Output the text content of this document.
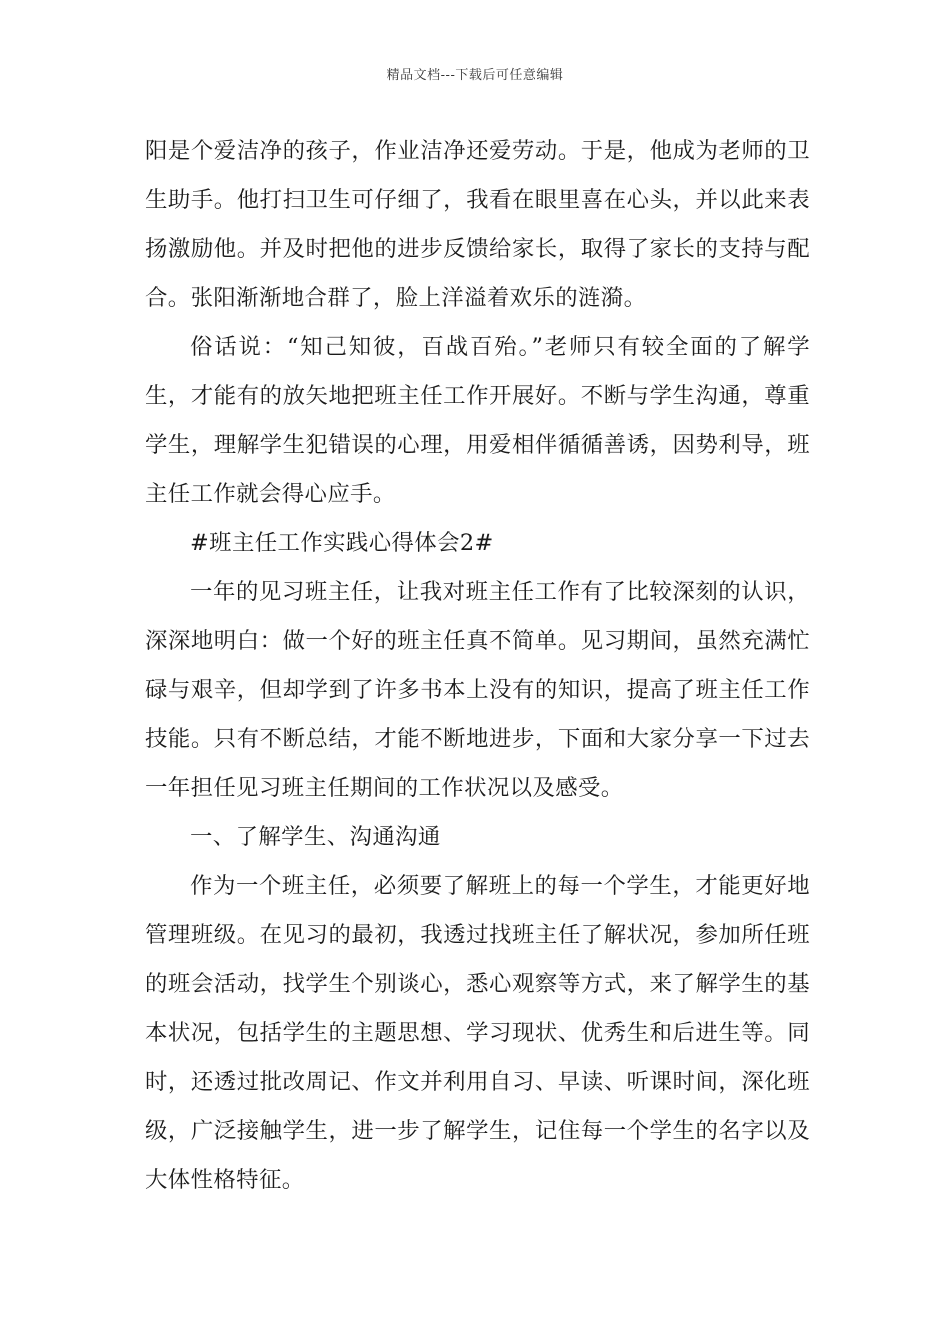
精品文档---下载后可任意编辑

阳是个爱洁净的孩子，作业洁净还爱劳动。于是，他成为老师的卫生助手。他打扫卫生可仔细了，我看在眼里喜在心头，并以此来表扬激励他。并及时把他的进步反馈给家长，取得了家长的支持与配合。张阳渐渐地合群了，脸上洋溢着欢乐的涟漪。

俗话说：“知己知彼，百战百殆。”老师只有较全面的了解学生，才能有的放矢地把班主任工作开展好。不断与学生沟通，尊重学生，理解学生犯错误的心理，用爱相伴循循善诱，因势利导，班主任工作就会得心应手。

#班主任工作实践心得体会2#

一年的见习班主任，让我对班主任工作有了比较深刻的认识，深深地明白：做一个好的班主任真不简单。见习期间，虽然充满忙碌与艰辛，但却学到了许多书本上没有的知识，提高了班主任工作技能。只有不断总结，才能不断地进步，下面和大家分享一下过去一年担任见习班主任期间的工作状况以及感受。

一、了解学生、沟通沟通

作为一个班主任，必须要了解班上的每一个学生，才能更好地管理班级。在见习的最初，我透过找班主任了解状况，参加所任班的班会活动，找学生个别谈心，悉心观察等方式，来了解学生的基本状况，包括学生的主题思想、学习现状、优秀生和后进生等。同时，还透过批改周记、作文并利用自习、早读、听课时间，深化班级，广泛接触学生，进一步了解学生，记住每一个学生的名字以及大体性格特征。
